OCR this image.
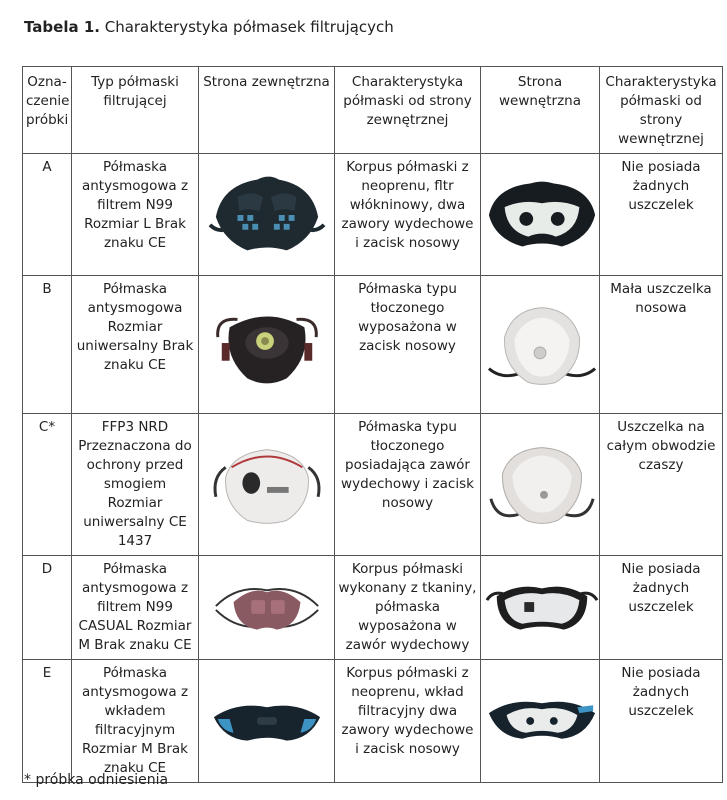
Tabela 1. Charakterystyka półmasek filtrujących
Ozna-czenie próbki	Typ półmaski filtrującej	Strona zewnętrzna	Charakterystyka półmaski od strony zewnętrznej	Strona wewnętrzna	Charakterystyka półmaski od strony wewnętrznej
A	Półmaska antysmogowa z filtrem N99 Rozmiar L Brak znaku CE		Korpus półmaski z neoprenu, fltr włókninowy, dwa zawory wydechowe i zacisk nosowy		Nie posiada żadnych uszczelek
B	Półmaska antysmogowa Rozmiar uniwersalny Brak znaku CE		Półmaska typu tłoczonego wyposażona w zacisk nosowy		Mała uszczelka nosowa
C*	FFP3 NRD Przeznaczona do ochrony przed smogiem Rozmiar uniwersalny CE 1437		Półmaska typu tłoczonego posiadająca zawór wydechowy i zacisk nosowy		Uszczelka na całym obwodzie czaszy
D	Półmaska antysmogowa z filtrem N99 CASUAL Rozmiar M Brak znaku CE		Korpus półmaski wykonany z tkaniny, półmaska wyposażona w zawór wydechowy		Nie posiada żadnych uszczelek
E	Półmaska antysmogowa z wkładem filtracyjnym Rozmiar M Brak znaku CE		Korpus półmaski z neoprenu, wkład filtracyjny dwa zawory wydechowe i zacisk nosowy		Nie posiada żadnych uszczelek
* próbka odniesienia
